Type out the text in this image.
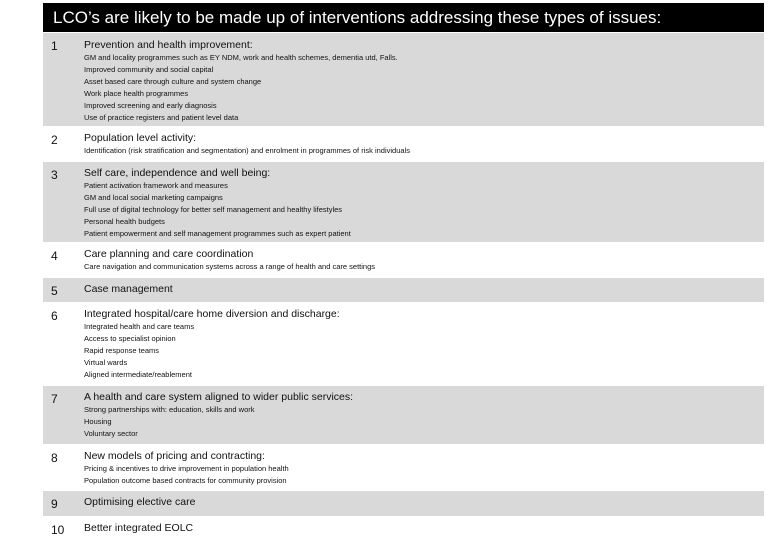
LCO’s are likely to be made up of interventions addressing these types of issues:
1	Prevention and health improvement:
GM and locality programmes such as EY NDM, work and health schemes, dementia utd, Falls.
Improved community and social capital
Asset based care through culture and system change
Work place health programmes
Improved screening and early diagnosis
Use of practice registers and patient level data
2	Population level activity:
Identification (risk stratification and segmentation) and enrolment in programmes of risk individuals
3	Self care, independence and well being:
Patient activation framework and measures
GM and local social marketing campaigns
Full use of digital technology for better self management and healthy lifestyles
Personal health budgets
Patient empowerment and self management programmes such as expert patient
4	Care planning and care coordination
Care navigation and communication systems across a range of health and care settings
5	Case management
6	Integrated hospital/care home diversion and discharge:
Integrated health and care teams
Access to specialist opinion
Rapid response teams
Virtual wards
Aligned intermediate/reablement
7	A health and care system aligned to wider public services:
Strong partnerships with: education, skills and work
Housing
Voluntary sector
8	New models of pricing and contracting:
Pricing & incentives to drive improvement in population health
Population outcome based contracts for community provision
9	Optimising elective care
10 Better integrated EOLC
